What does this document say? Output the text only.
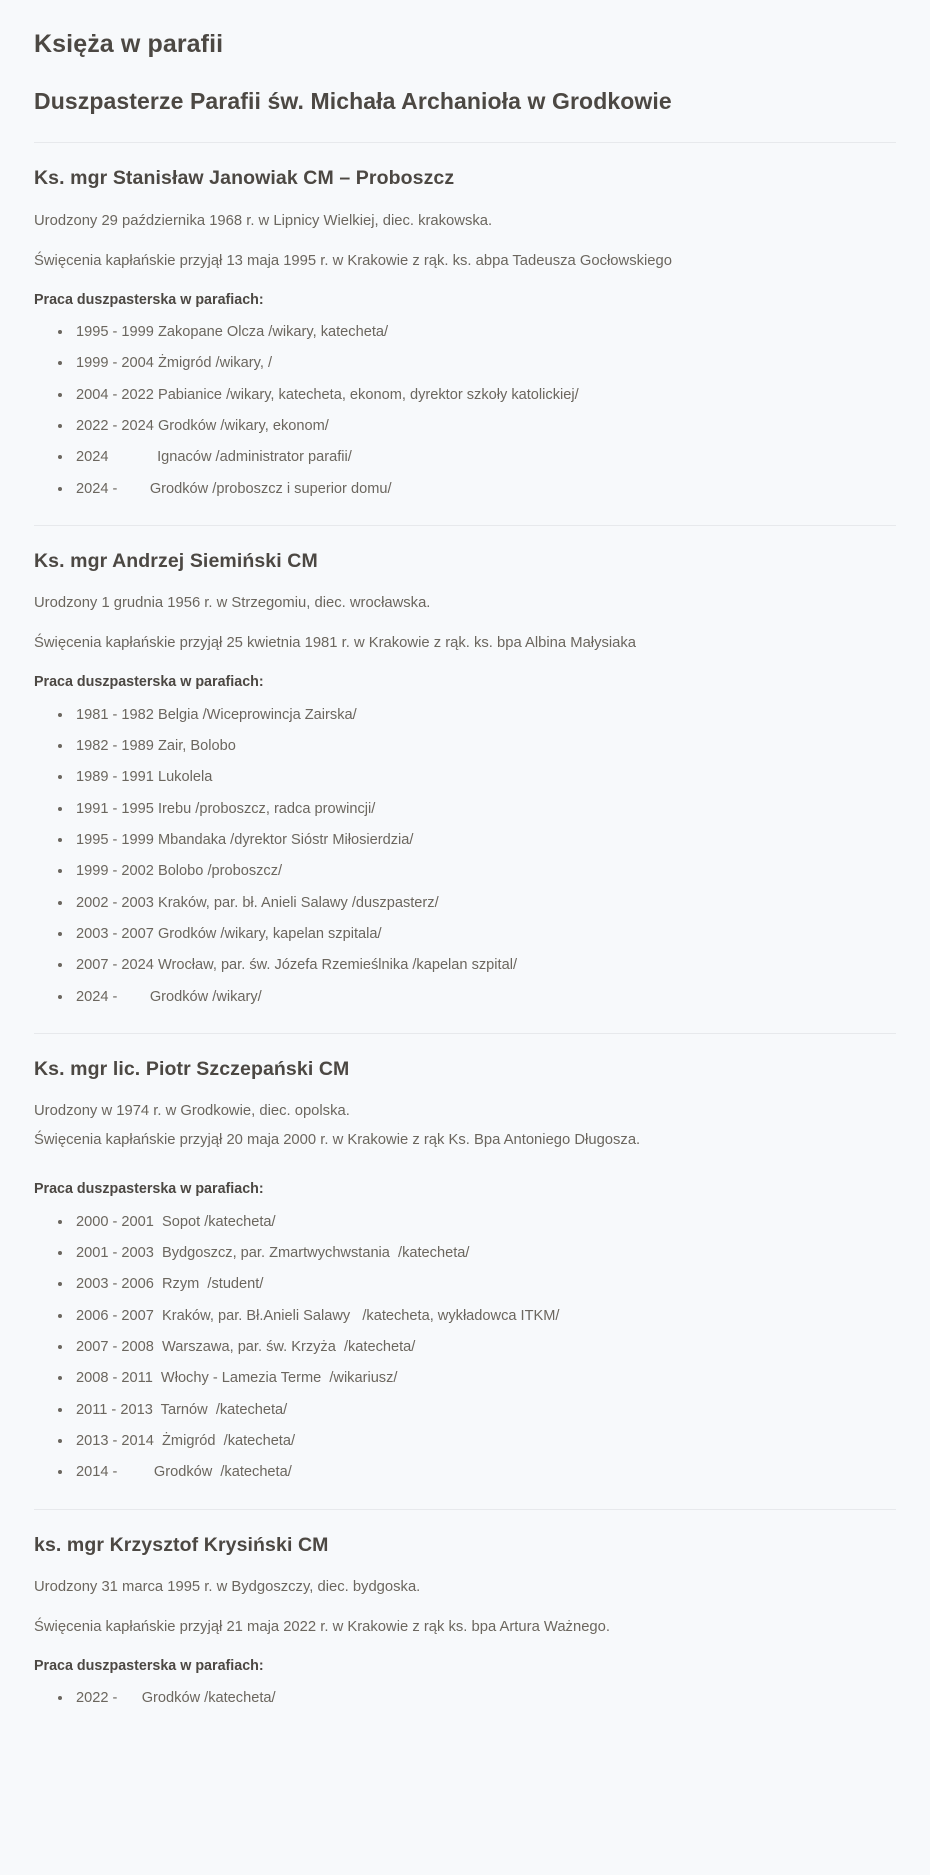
Księża w parafii
Duszpasterze Parafii św. Michała Archanioła w Grodkowie
Ks. mgr Stanisław Janowiak CM – Proboszcz

Urodzony 29 października 1968 r. w Lipnicy Wielkiej, diec. krakowska.

Święcenia kapłańskie przyjął 13 maja 1995 r. w Krakowie z rąk. ks. abpa Tadeusza Gocłowskiego

Praca duszpasterska w parafiach:

1995 - 1999 Zakopane Olcza /wikary, katecheta/
1999 - 2004 Żmigród /wikary, /
2004 - 2022 Pabianice /wikary, katecheta, ekonom, dyrektor szkoły katolickiej/
2022 - 2024 Grodków /wikary, ekonom/
2024            Ignaców /administrator parafii/
2024 -        Grodków /proboszcz i superior domu/
Ks. mgr Andrzej Siemiński CM

Urodzony 1 grudnia 1956 r. w Strzegomiu, diec. wrocławska.

Święcenia kapłańskie przyjął 25 kwietnia 1981 r. w Krakowie z rąk. ks. bpa Albina Małysiaka

Praca duszpasterska w parafiach:

1981 - 1982 Belgia /Wiceprowincja Zairska/
1982 - 1989 Zair, Bolobo
1989 - 1991 Lukolela
1991 - 1995 Irebu /proboszcz, radca prowincji/
1995 - 1999 Mbandaka /dyrektor Sióstr Miłosierdzia/
1999 - 2002 Bolobo /proboszcz/
2002 - 2003 Kraków, par. bł. Anieli Salawy /duszpasterz/
2003 - 2007 Grodków /wikary, kapelan szpitala/
2007 - 2024 Wrocław, par. św. Józefa Rzemieślnika /kapelan szpital/
2024 -        Grodków /wikary/
Ks. mgr lic. Piotr Szczepański CM

Urodzony w 1974 r. w Grodkowie, diec. opolska.

Święcenia kapłańskie przyjął 20 maja 2000 r. w Krakowie z rąk Ks. Bpa Antoniego Długosza.

Praca duszpasterska w parafiach:

2000 - 2001  Sopot /katecheta/
2001 - 2003  Bydgoszcz, par. Zmartwychwstania  /katecheta/
2003 - 2006  Rzym  /student/
2006 - 2007  Kraków, par. Bł.Anieli Salawy   /katecheta, wykładowca ITKM/
2007 - 2008  Warszawa, par. św. Krzyża  /katecheta/
2008 - 2011  Włochy - Lamezia Terme  /wikariusz/
2011 - 2013  Tarnów  /katecheta/
2013 - 2014  Żmigród  /katecheta/
2014 -         Grodków  /katecheta/
ks. mgr Krzysztof Krysiński CM

Urodzony 31 marca 1995 r. w Bydgoszczy, diec. bydgoska.

Święcenia kapłańskie przyjął 21 maja 2022 r. w Krakowie z rąk ks. bpa Artura Ważnego.

Praca duszpasterska w parafiach:

2022 -      Grodków /katecheta/
